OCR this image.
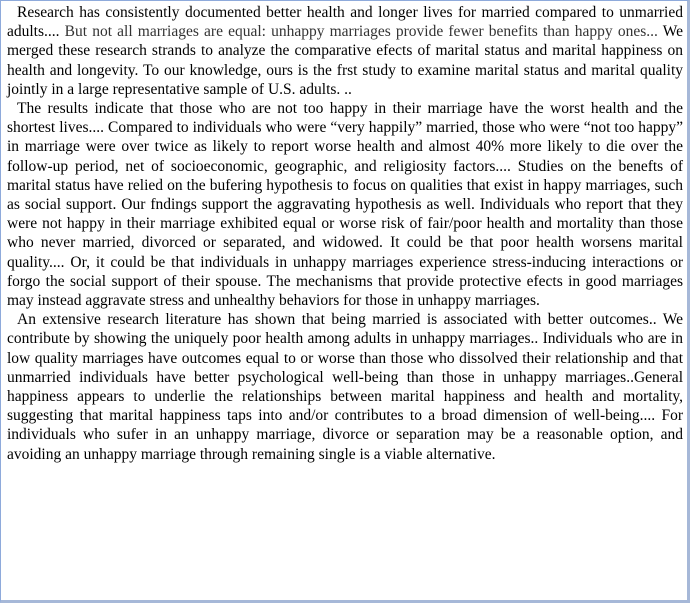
Research has consistently documented better health and longer lives for married compared to unmarried adults.... But not all marriages are equal: unhappy marriages provide fewer benefits than happy ones... We merged these research strands to analyze the comparative efects of marital status and marital happiness on health and longevity. To our knowledge, ours is the frst study to examine marital status and marital quality jointly in a large representative sample of U.S. adults. ..

The results indicate that those who are not too happy in their marriage have the worst health and the shortest lives.... Compared to individuals who were “very happily” married, those who were “not too happy” in marriage were over twice as likely to report worse health and almost 40% more likely to die over the follow-up period, net of socioeconomic, geographic, and religiosity factors.... Studies on the benefts of marital status have relied on the bufering hypothesis to focus on qualities that exist in happy marriages, such as social support. Our fndings support the aggravating hypothesis as well. Individuals who report that they were not happy in their marriage exhibited equal or worse risk of fair/poor health and mortality than those who never married, divorced or separated, and widowed. It could be that poor health worsens marital quality.... Or, it could be that individuals in unhappy marriages experience stress-inducing interactions or forgo the social support of their spouse. The mechanisms that provide protective efects in good marriages may instead aggravate stress and unhealthy behaviors for those in unhappy marriages.

An extensive research literature has shown that being married is associated with better outcomes.. We contribute by showing the uniquely poor health among adults in unhappy marriages.. Individuals who are in low quality marriages have outcomes equal to or worse than those who dissolved their relationship and that unmarried individuals have better psychological well-being than those in unhappy marriages..General happiness appears to underlie the relationships between marital happiness and health and mortality, suggesting that marital happiness taps into and/or contributes to a broad dimension of well-being.... For individuals who sufer in an unhappy marriage, divorce or separation may be a reasonable option, and avoiding an unhappy marriage through remaining single is a viable alternative.
